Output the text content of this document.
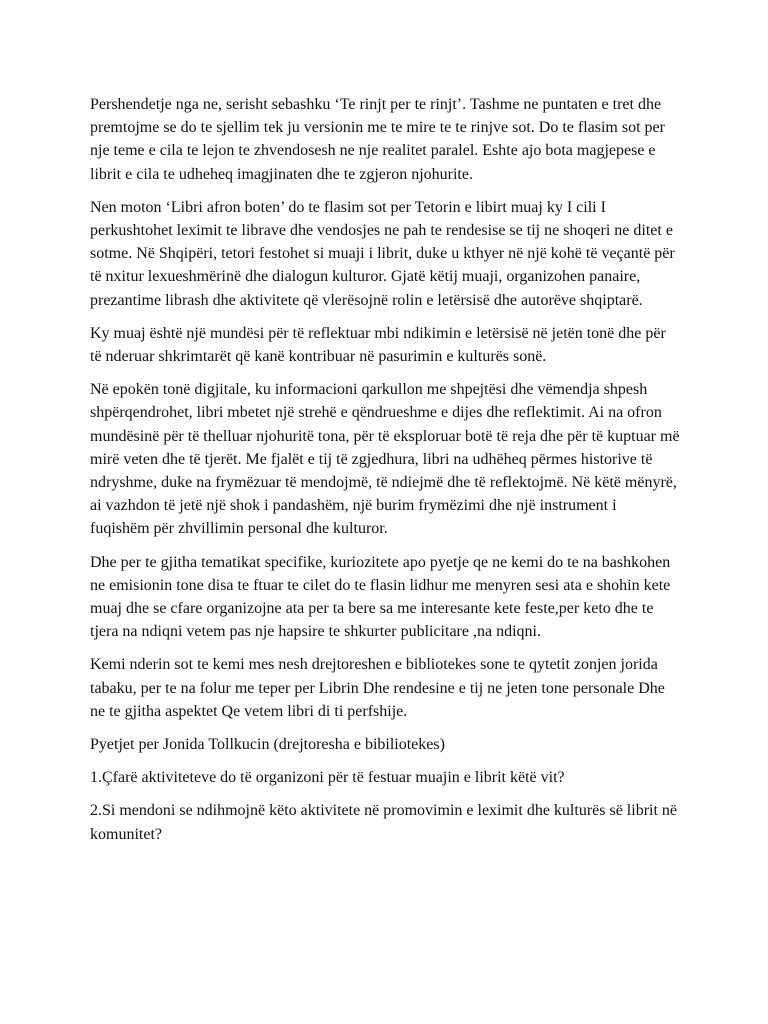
Pershendetje nga ne, serisht sebashku ‘Te rinjt per te rinjt’. Tashme ne puntaten e tret dhe premtojme se do te sjellim tek ju versionin me te mire te te rinjve sot. Do te flasim sot per nje teme e cila te lejon te zhvendosesh ne nje realitet paralel. Eshte ajo bota magjepese e librit e cila te udheheq imagjinaten dhe te zgjeron njohurite.

Nen moton ‘Libri afron boten’ do te flasim sot per Tetorin e libirt muaj ky I cili I perkushtohet leximit te librave dhe vendosjes ne pah te rendesise se tij ne shoqeri ne ditet e sotme. Në Shqipëri, tetori festohet si muaji i librit, duke u kthyer në një kohë të veçantë për të nxitur lexueshmërinë dhe dialogun kulturor. Gjatë këtij muaji, organizohen panaire, prezantime librash dhe aktivitete që vlerësojnë rolin e letërsisë dhe autorëve shqiptarë.

Ky muaj është një mundësi për të reflektuar mbi ndikimin e letërsisë në jetën tonë dhe për të nderuar shkrimtarët që kanë kontribuar në pasurimin e kulturës sonë.

Në epokën tonë digjitale, ku informacioni qarkullon me shpejtësi dhe vëmendja shpesh shpërqendrohet, libri mbetet një strehë e qëndrueshme e dijes dhe reflektimit. Ai na ofron mundësinë për të thelluar njohuritë tona, për të eksploruar botë të reja dhe për të kuptuar më mirë veten dhe të tjerët. Me fjalët e tij të zgjedhura, libri na udhëheq përmes historive të ndryshme, duke na frymëzuar të mendojmë, të ndiejmë dhe të reflektojmë. Në këtë mënyrë, ai vazhdon të jetë një shok i pandashëm, një burim frymëzimi dhe një instrument i fuqishëm për zhvillimin personal dhe kulturor.

Dhe per te gjitha tematikat specifike, kuriozitete apo pyetje qe ne kemi do te na bashkohen ne emisionin tone disa te ftuar te cilet do te flasin lidhur me menyren sesi ata e shohin kete muaj dhe se cfare organizojne ata per ta bere sa me interesante kete feste,per keto dhe te tjera na ndiqni vetem pas nje hapsire te shkurter publicitare ,na ndiqni.

Kemi nderin sot te kemi mes nesh drejtoreshen e bibliotekes sone te qytetit zonjen jorida tabaku, per te na folur me teper per Librin Dhe rendesine e tij ne jeten tone personale Dhe ne te gjitha aspektet Qe vetem libri di ti perfshije.

Pyetjet per Jonida Tollkucin (drejtoresha e bibiliotekes)

1.Çfarë aktiviteteve do të organizoni për të festuar muajin e librit këtë vit?

2.Si mendoni se ndihmojnë këto aktivitete në promovimin e leximit dhe kulturës së librit në komunitet?
